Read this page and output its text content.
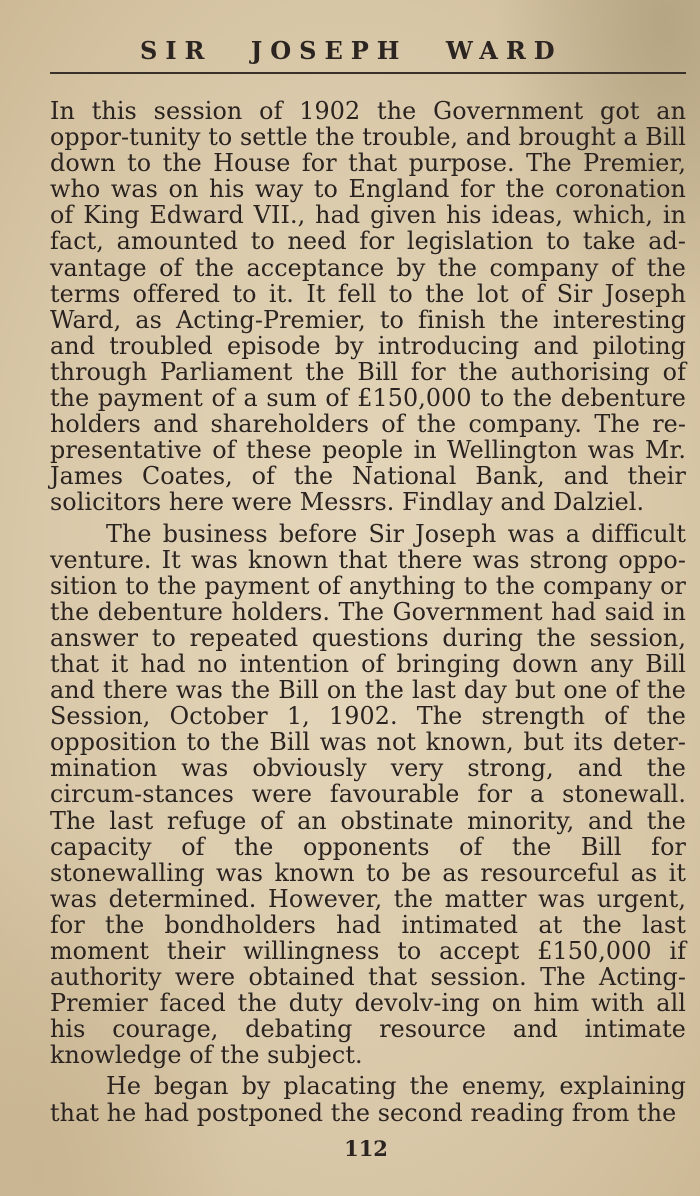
SIR JOSEPH WARD

In this session of 1902 the Government got an oppor-tunity to settle the trouble, and brought a Bill down to the House for that purpose. The Premier, who was on his way to England for the coronation of King Edward VII., had given his ideas, which, in fact, amounted to need for legislation to take ad-vantage of the acceptance by the company of the terms offered to it. It fell to the lot of Sir Joseph Ward, as Acting-Premier, to finish the interesting and troubled episode by introducing and piloting through Parliament the Bill for the authorising of the payment of a sum of £150,000 to the debenture holders and shareholders of the company. The re-presentative of these people in Wellington was Mr. James Coates, of the National Bank, and their solicitors here were Messrs. Findlay and Dalziel.

The business before Sir Joseph was a difficult venture. It was known that there was strong oppo-sition to the payment of anything to the company or the debenture holders. The Government had said in answer to repeated questions during the session, that it had no intention of bringing down any Bill and there was the Bill on the last day but one of the Session, October 1, 1902. The strength of the opposition to the Bill was not known, but its deter-mination was obviously very strong, and the circum-stances were favourable for a stonewall. The last refuge of an obstinate minority, and the capacity of the opponents of the Bill for stonewalling was known to be as resourceful as it was determined. However, the matter was urgent, for the bondholders had intimated at the last moment their willingness to accept £150,000 if authority were obtained that session. The Acting-Premier faced the duty devolv-ing on him with all his courage, debating resource and intimate knowledge of the subject.

He began by placating the enemy, explaining that he had postponed the second reading from the

112
